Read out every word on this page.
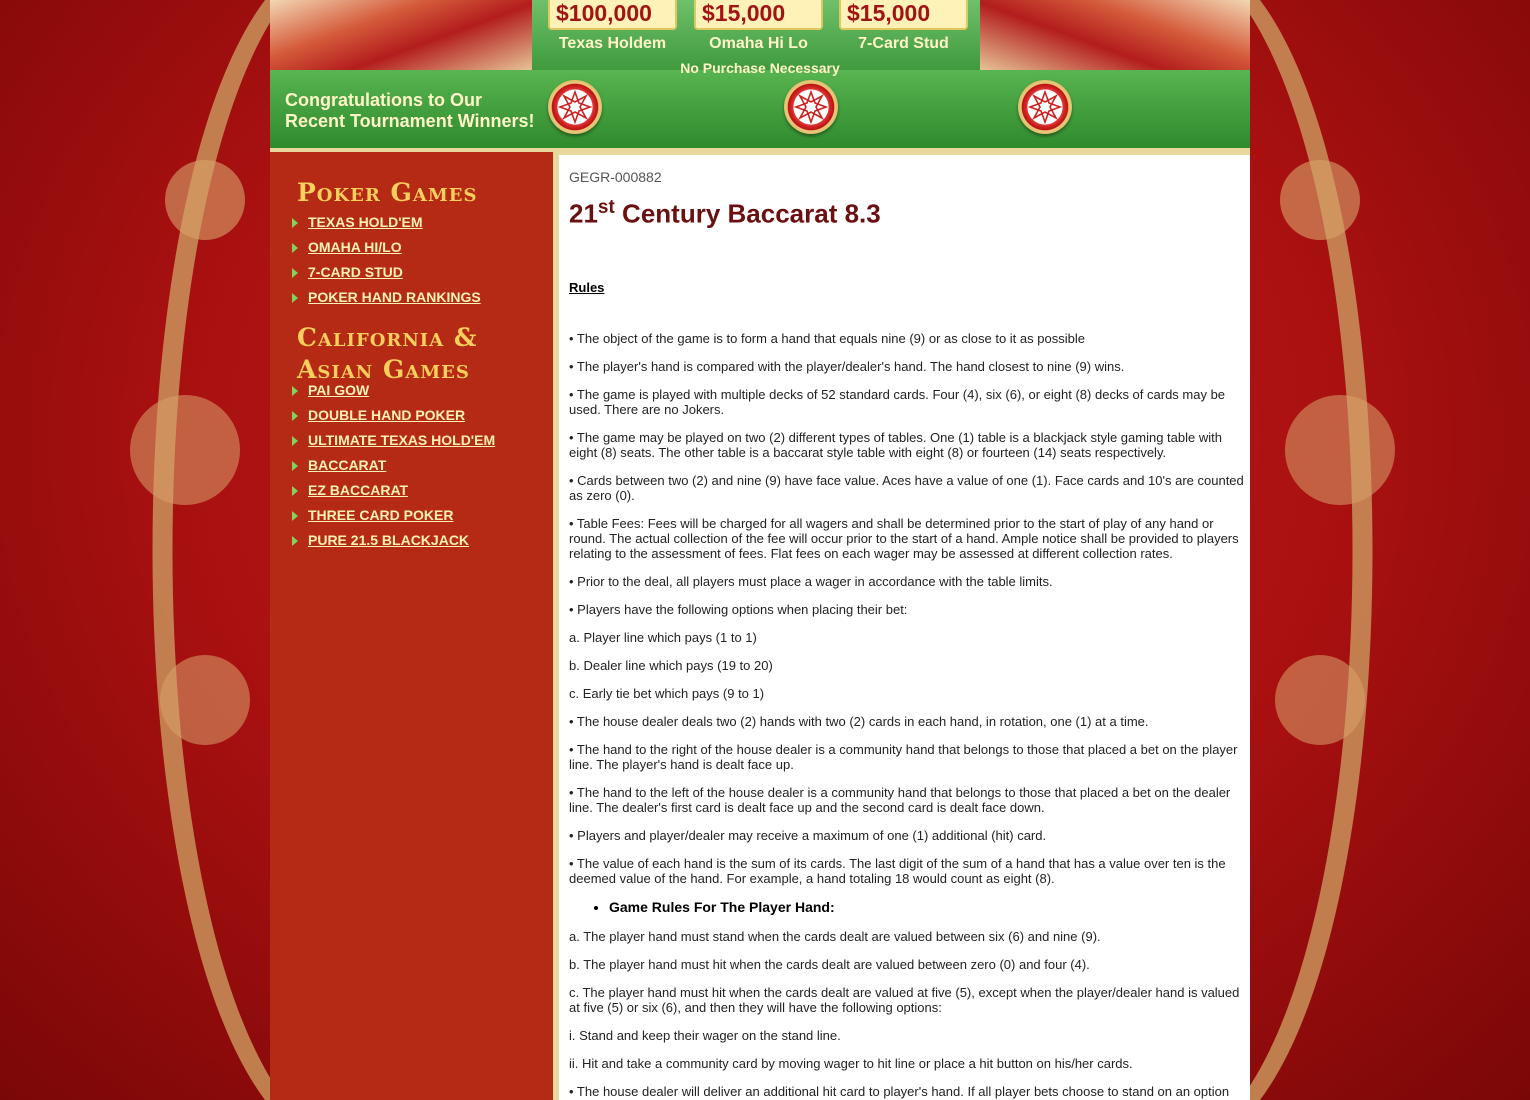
$100,000
Texas Holdem
$15,000
Omaha Hi Lo
$15,000
7-Card Stud
Congratulations to Our
Recent Tournament Winners!
No Purchase Necessary
Poker Games
TEXAS HOLD'EM
OMAHA HI/LO
7-CARD STUD
POKER HAND RANKINGS
California &
Asian Games
PAI GOW
DOUBLE HAND POKER
ULTIMATE TEXAS HOLD'EM
BACCARAT
EZ BACCARAT
THREE CARD POKER
PURE 21.5 BLACKJACK
GEGR-000882
21st Century Baccarat 8.3
Rules

• The object of the game is to form a hand that equals nine (9) or as close to it as possible

• The player's hand is compared with the player/dealer's hand. The hand closest to nine (9) wins.

• The game is played with multiple decks of 52 standard cards. Four (4), six (6), or eight (8) decks of cards may be used. There are no Jokers.

• The game may be played on two (2) different types of tables. One (1) table is a blackjack style gaming table with eight (8) seats. The other table is a baccarat style table with eight (8) or fourteen (14) seats respectively.

• Cards between two (2) and nine (9) have face value. Aces have a value of one (1). Face cards and 10's are counted as zero (0).

• Table Fees: Fees will be charged for all wagers and shall be determined prior to the start of play of any hand or round. The actual collection of the fee will occur prior to the start of a hand. Ample notice shall be provided to players relating to the assessment of fees. Flat fees on each wager may be assessed at different collection rates.

• Prior to the deal, all players must place a wager in accordance with the table limits.

• Players have the following options when placing their bet:

a. Player line which pays (1 to 1)

b. Dealer line which pays (19 to 20)

c. Early tie bet which pays (9 to 1)

• The house dealer deals two (2) hands with two (2) cards in each hand, in rotation, one (1) at a time.

• The hand to the right of the house dealer is a community hand that belongs to those that placed a bet on the player line. The player's hand is dealt face up.

• The hand to the left of the house dealer is a community hand that belongs to those that placed a bet on the dealer line. The dealer's first card is dealt face up and the second card is dealt face down.

• Players and player/dealer may receive a maximum of one (1) additional (hit) card.

• The value of each hand is the sum of its cards. The last digit of the sum of a hand that has a value over ten is the deemed value of the hand. For example, a hand totaling 18 would count as eight (8).

• Game Rules For The Player Hand:

a. The player hand must stand when the cards dealt are valued between six (6) and nine (9).

b. The player hand must hit when the cards dealt are valued between zero (0) and four (4).

c. The player hand must hit when the cards dealt are valued at five (5), except when the player/dealer hand is valued at five (5) or six (6), and then they will have the following options:

i. Stand and keep their wager on the stand line.

ii. Hit and take a community card by moving wager to hit line or place a hit button on his/her cards.

• The house dealer will deliver an additional hit card to player's hand. If all player bets choose to stand on an option
